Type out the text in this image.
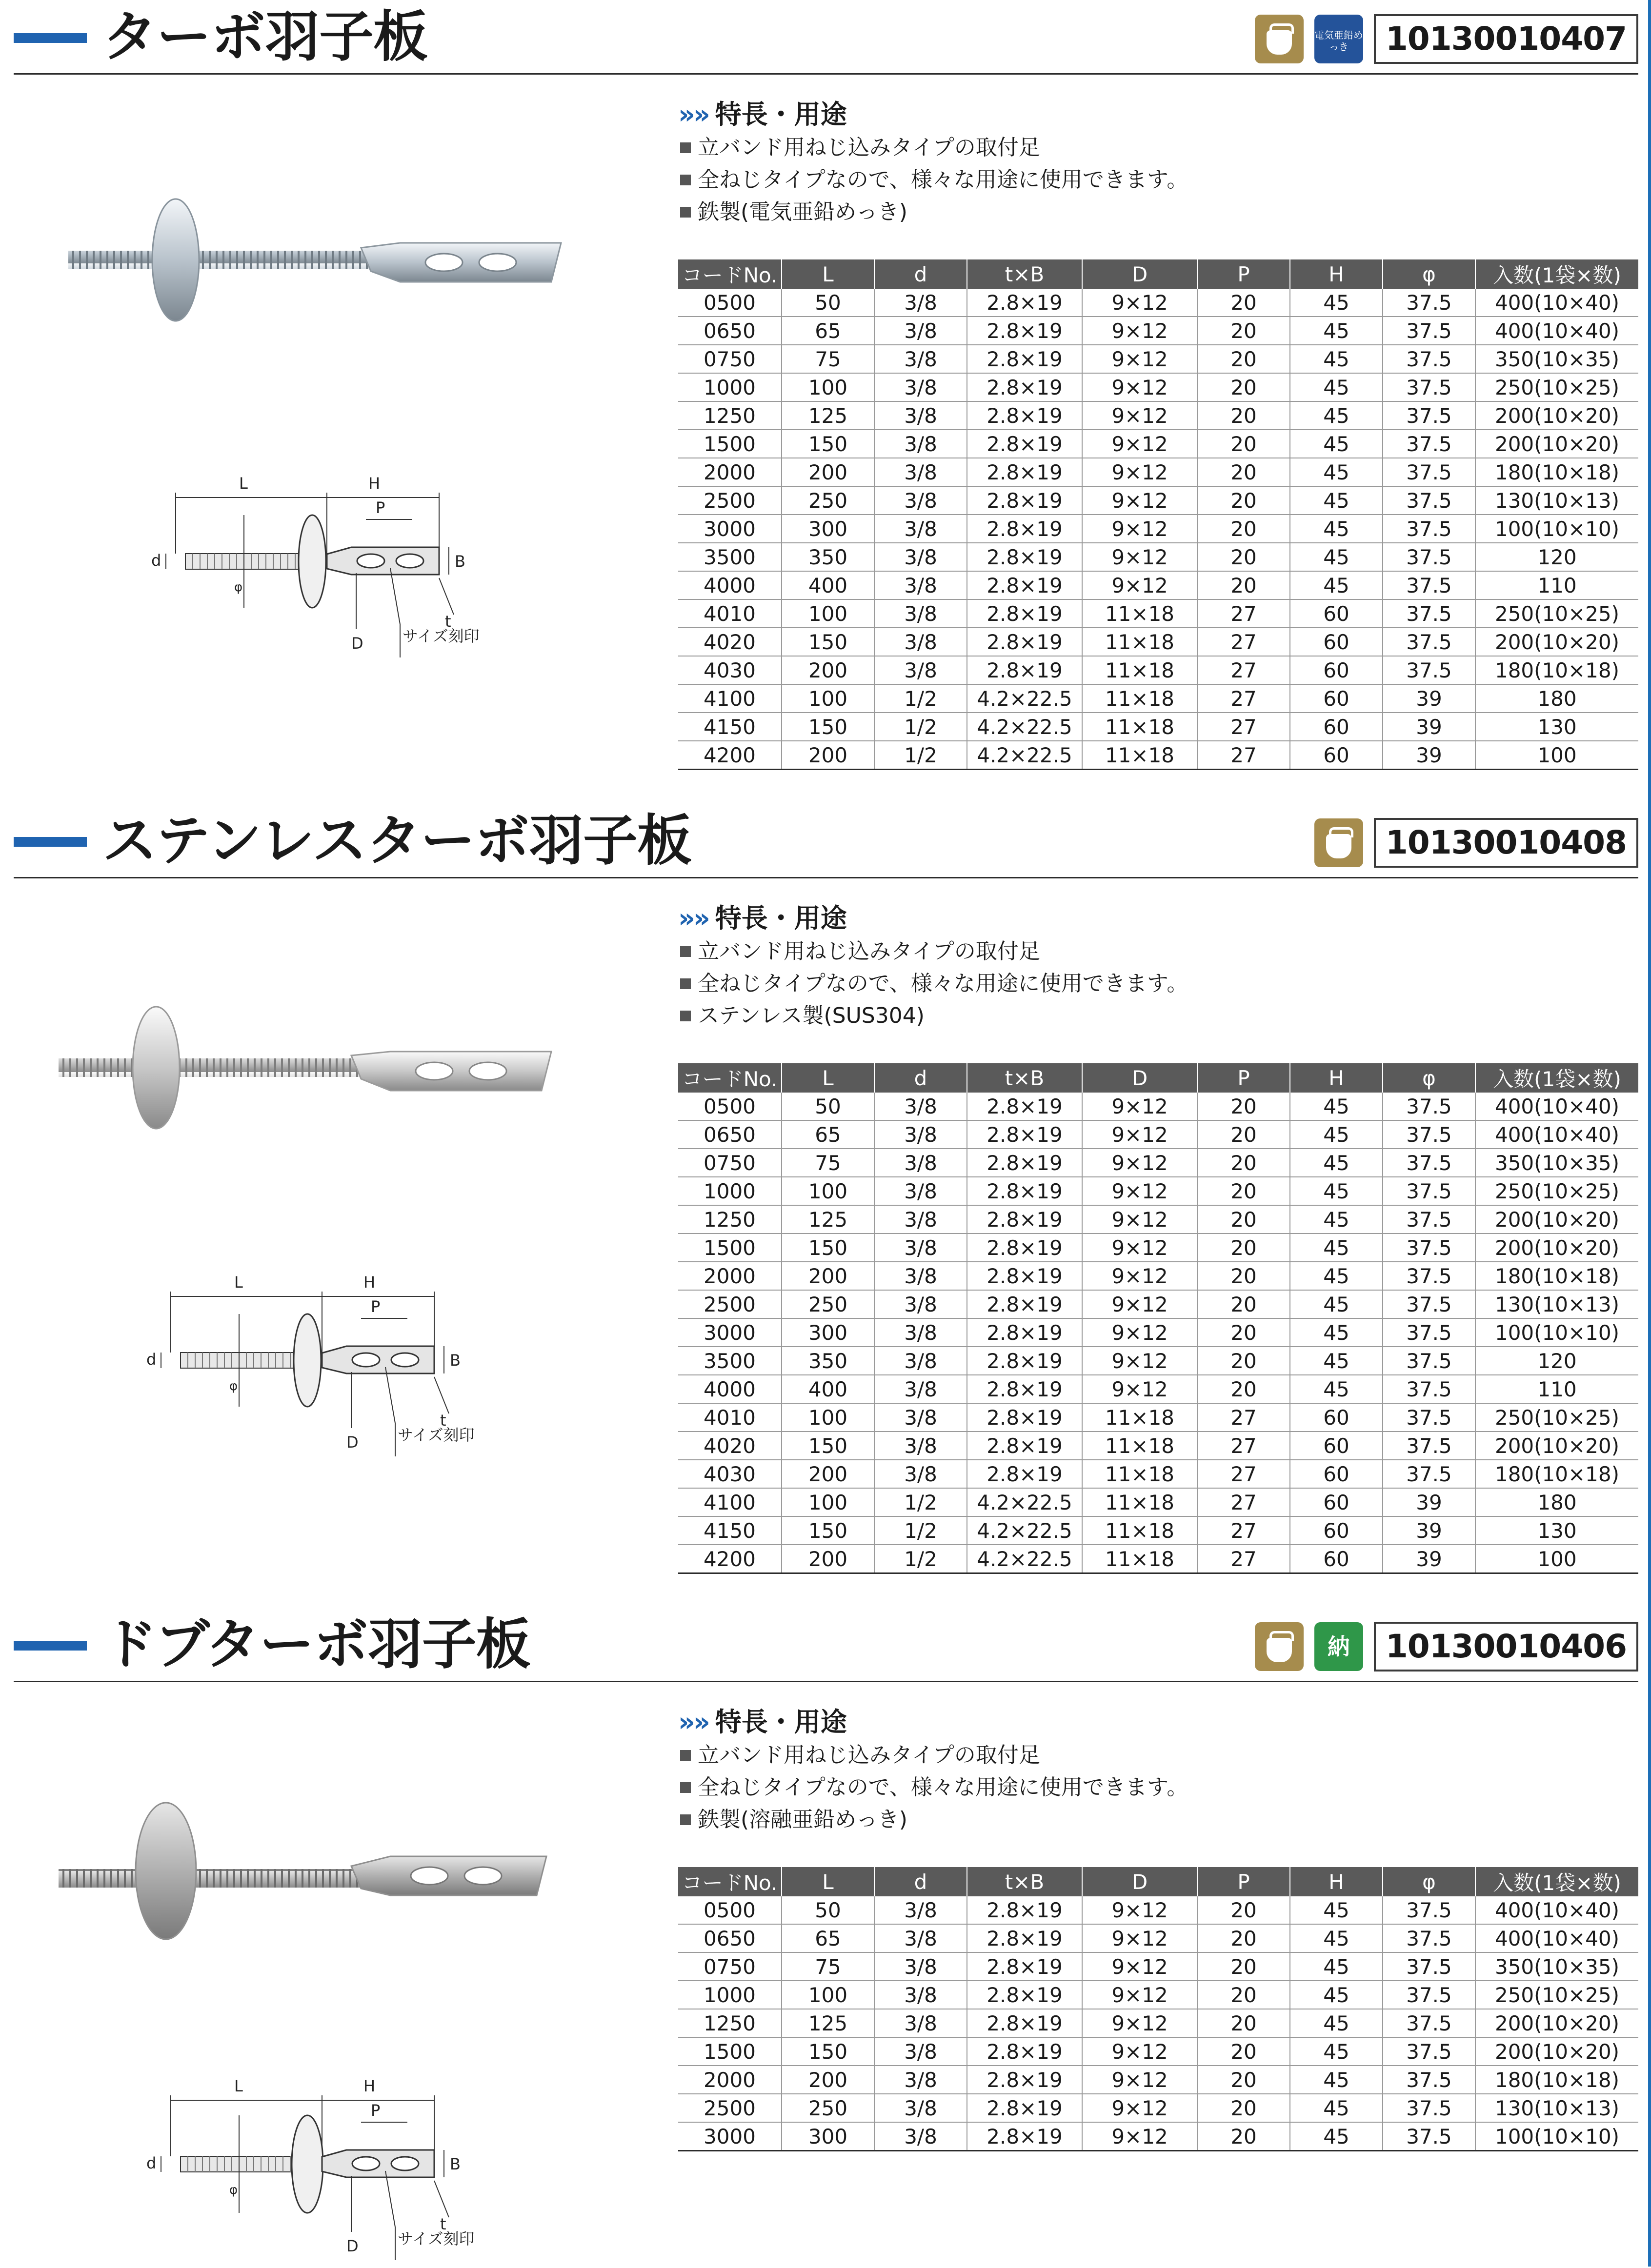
ターボ羽子板	電気亜鉛めっき	10130010407
L	H
P
d
φ
B
t
D	サイズ刻印
»» 特長・用途
立バンド用ねじ込みタイプの取付足
全ねじタイプなので、様々な用途に使用できます。
鉄製(電気亜鉛めっき)
コードNo.	L	d	t×B	D	P	H	φ	入数(1袋×数)
0500	50	3/8	2.8×19	9×12	20	45	37.5	400(10×40)
0650	65	3/8	2.8×19	9×12	20	45	37.5	400(10×40)
0750	75	3/8	2.8×19	9×12	20	45	37.5	350(10×35)
1000	100	3/8	2.8×19	9×12	20	45	37.5	250(10×25)
1250	125	3/8	2.8×19	9×12	20	45	37.5	200(10×20)
1500	150	3/8	2.8×19	9×12	20	45	37.5	200(10×20)
2000	200	3/8	2.8×19	9×12	20	45	37.5	180(10×18)
2500	250	3/8	2.8×19	9×12	20	45	37.5	130(10×13)
3000	300	3/8	2.8×19	9×12	20	45	37.5	100(10×10)
3500	350	3/8	2.8×19	9×12	20	45	37.5	120
4000	400	3/8	2.8×19	9×12	20	45	37.5	110
4010	100	3/8	2.8×19	11×18	27	60	37.5	250(10×25)
4020	150	3/8	2.8×19	11×18	27	60	37.5	200(10×20)
4030	200	3/8	2.8×19	11×18	27	60	37.5	180(10×18)
4100	100	1/2	4.2×22.5	11×18	27	60	39	180
4150	150	1/2	4.2×22.5	11×18	27	60	39	130
4200	200	1/2	4.2×22.5	11×18	27	60	39	100
ステンレスターボ羽子板	10130010408
L	H
P
d
φ
B
t
D	サイズ刻印
»» 特長・用途
立バンド用ねじ込みタイプの取付足
全ねじタイプなので、様々な用途に使用できます。
ステンレス製(SUS304)
コードNo.	L	d	t×B	D	P	H	φ	入数(1袋×数)
0500	50	3/8	2.8×19	9×12	20	45	37.5	400(10×40)
0650	65	3/8	2.8×19	9×12	20	45	37.5	400(10×40)
0750	75	3/8	2.8×19	9×12	20	45	37.5	350(10×35)
1000	100	3/8	2.8×19	9×12	20	45	37.5	250(10×25)
1250	125	3/8	2.8×19	9×12	20	45	37.5	200(10×20)
1500	150	3/8	2.8×19	9×12	20	45	37.5	200(10×20)
2000	200	3/8	2.8×19	9×12	20	45	37.5	180(10×18)
2500	250	3/8	2.8×19	9×12	20	45	37.5	130(10×13)
3000	300	3/8	2.8×19	9×12	20	45	37.5	100(10×10)
3500	350	3/8	2.8×19	9×12	20	45	37.5	120
4000	400	3/8	2.8×19	9×12	20	45	37.5	110
4010	100	3/8	2.8×19	11×18	27	60	37.5	250(10×25)
4020	150	3/8	2.8×19	11×18	27	60	37.5	200(10×20)
4030	200	3/8	2.8×19	11×18	27	60	37.5	180(10×18)
4100	100	1/2	4.2×22.5	11×18	27	60	39	180
4150	150	1/2	4.2×22.5	11×18	27	60	39	130
4200	200	1/2	4.2×22.5	11×18	27	60	39	100
ドブターボ羽子板	納	10130010406
L	H
P
d
φ
B
t
D	サイズ刻印
»» 特長・用途
立バンド用ねじ込みタイプの取付足
全ねじタイプなので、様々な用途に使用できます。
鉄製(溶融亜鉛めっき)
コードNo.	L	d	t×B	D	P	H	φ	入数(1袋×数)
0500	50	3/8	2.8×19	9×12	20	45	37.5	400(10×40)
0650	65	3/8	2.8×19	9×12	20	45	37.5	400(10×40)
0750	75	3/8	2.8×19	9×12	20	45	37.5	350(10×35)
1000	100	3/8	2.8×19	9×12	20	45	37.5	250(10×25)
1250	125	3/8	2.8×19	9×12	20	45	37.5	200(10×20)
1500	150	3/8	2.8×19	9×12	20	45	37.5	200(10×20)
2000	200	3/8	2.8×19	9×12	20	45	37.5	180(10×18)
2500	250	3/8	2.8×19	9×12	20	45	37.5	130(10×13)
3000	300	3/8	2.8×19	9×12	20	45	37.5	100(10×10)
